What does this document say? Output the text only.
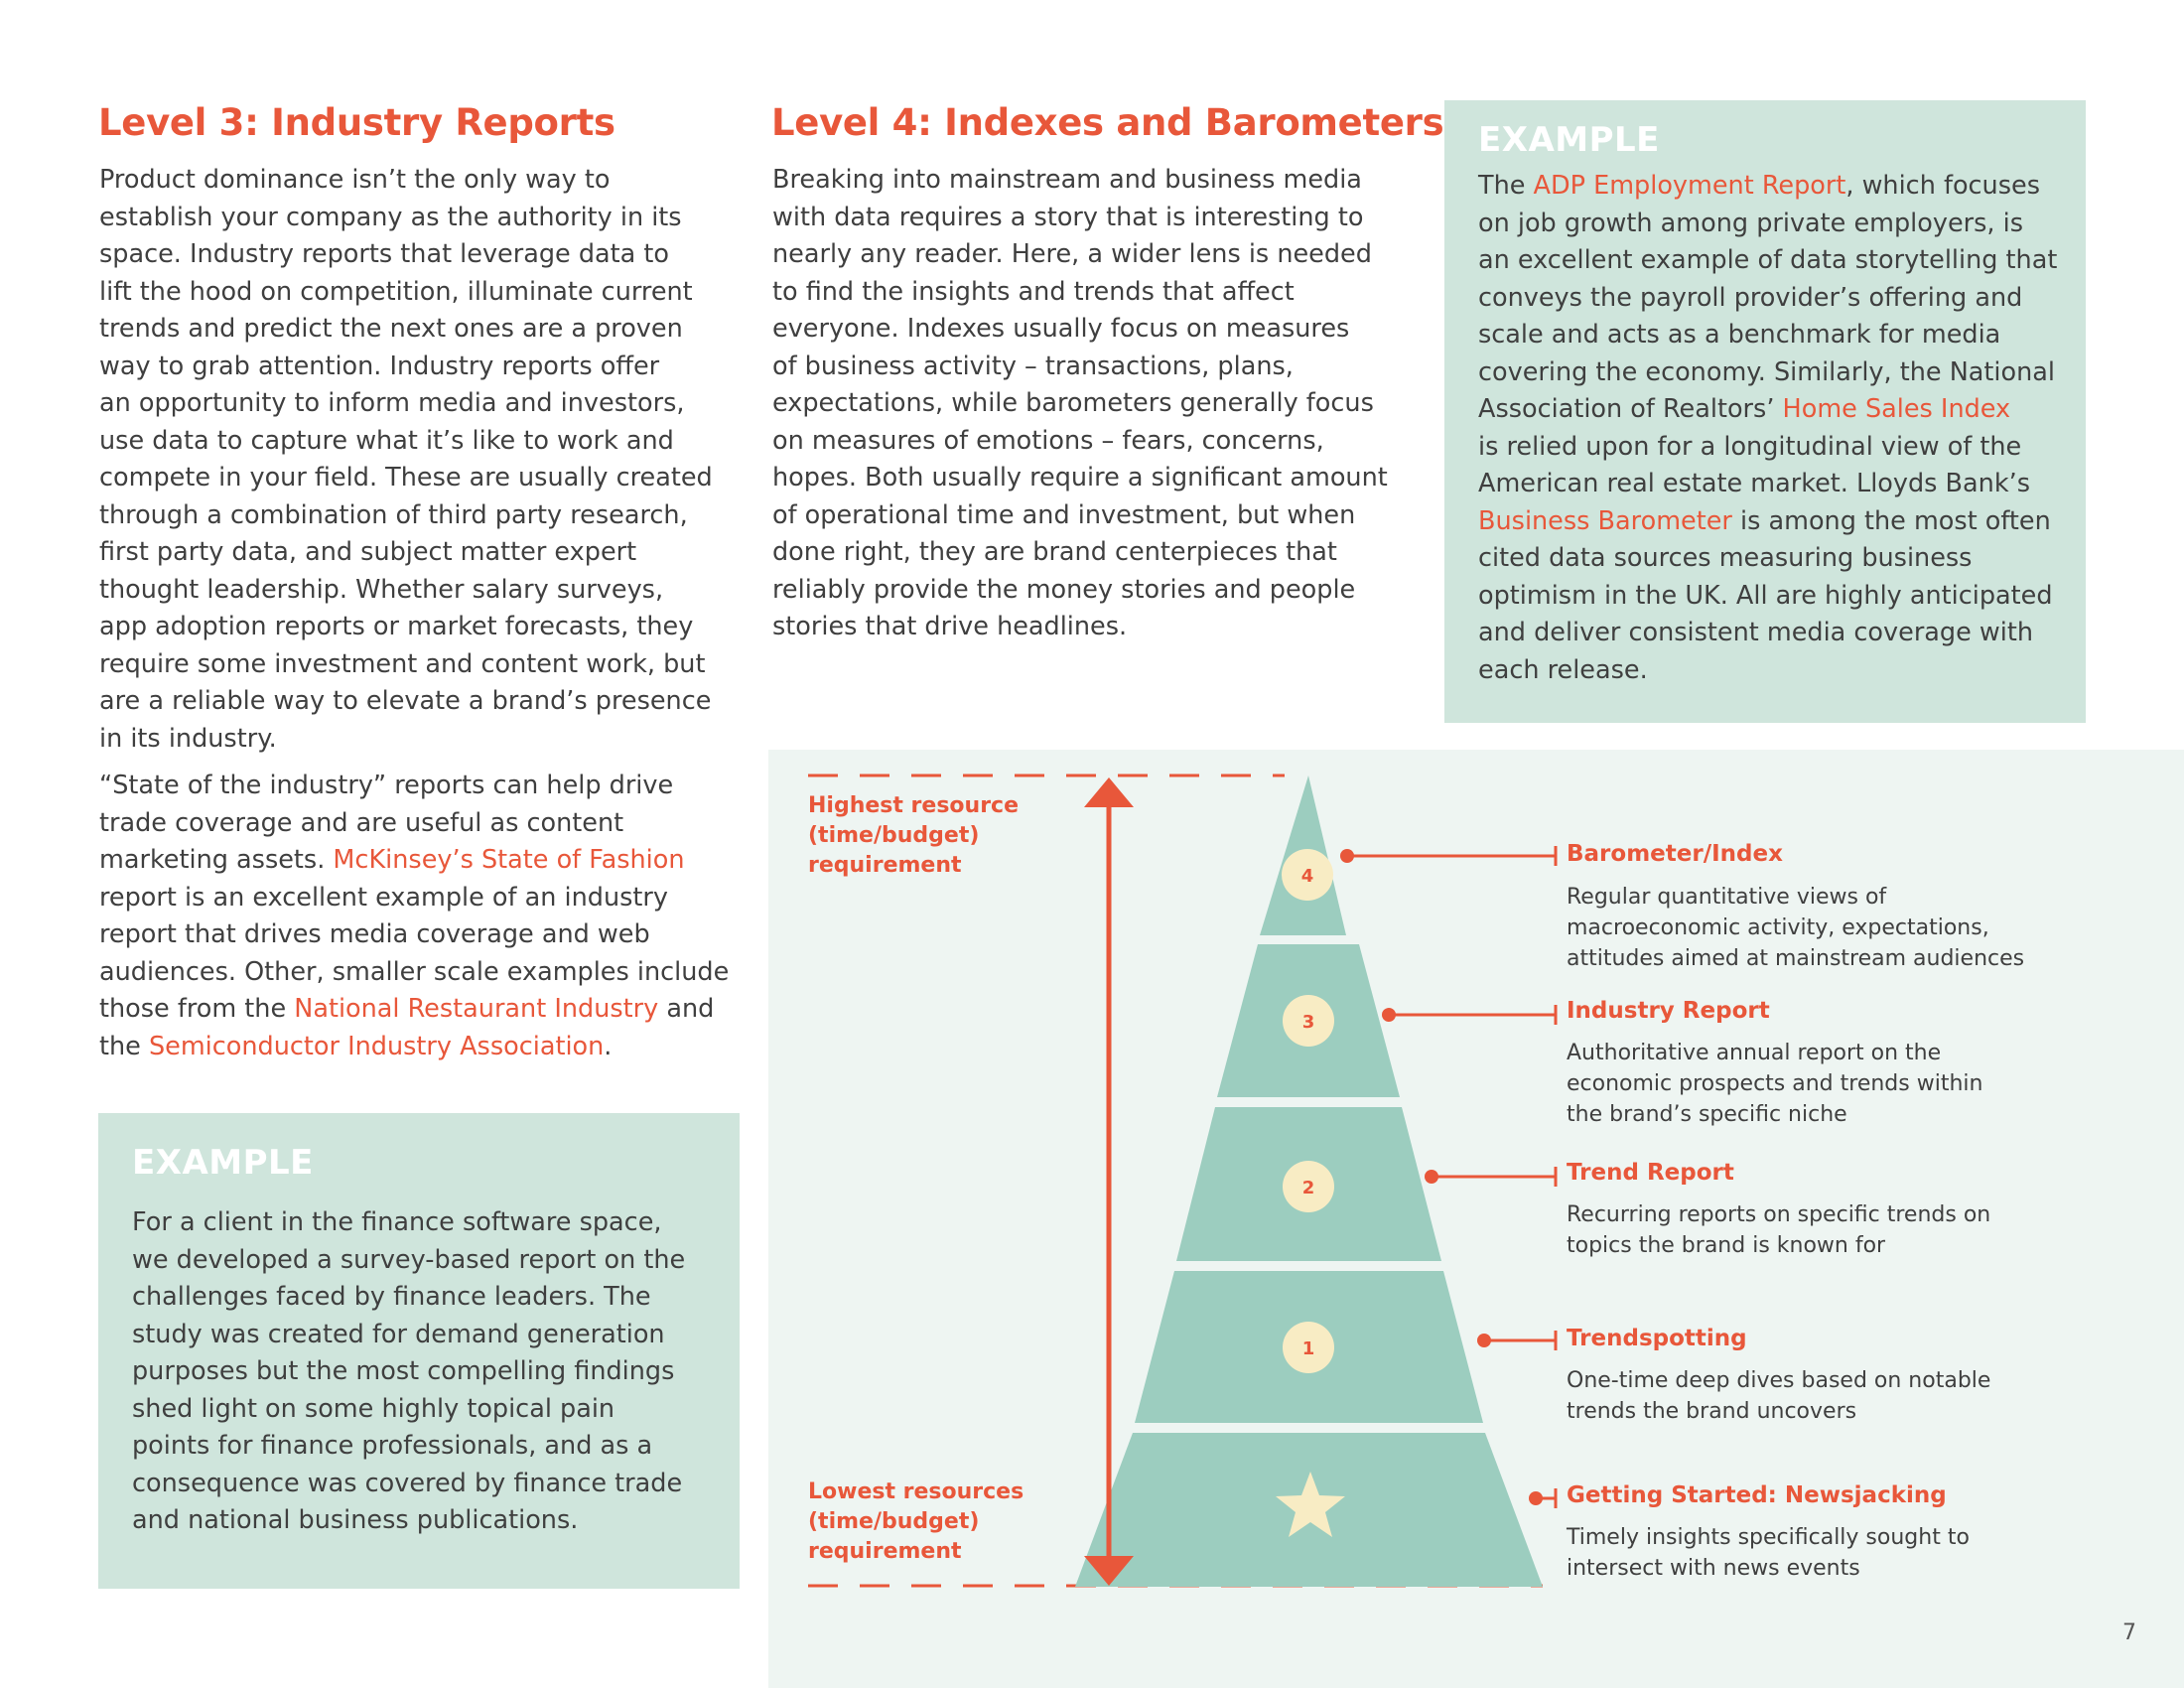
Level 3: Industry Reports

Product dominance isn’t the only way to

establish your company as the authority in its

space. Industry reports that leverage data to

lift the hood on competition, illuminate current

trends and predict the next ones are a proven

way to grab attention. Industry reports offer

an opportunity to inform media and investors,

use data to capture what it’s like to work and

compete in your field. These are usually created

through a combination of third party research,

first party data, and subject matter expert

thought leadership. Whether salary surveys,

app adoption reports or market forecasts, they

require some investment and content work, but

are a reliable way to elevate a brand’s presence

in its industry.

“State of the industry” reports can help drive

trade coverage and are useful as content

marketing assets. McKinsey’s State of Fashion

report is an excellent example of an industry

report that drives media coverage and web

audiences. Other, smaller scale examples include

those from the National Restaurant Industry and

the Semiconductor Industry Association.

EXAMPLE

For a client in the finance software space,

we developed a survey-based report on the

challenges faced by finance leaders. The

study was created for demand generation

purposes but the most compelling findings

shed light on some highly topical pain

points for finance professionals, and as a

consequence was covered by finance trade

and national business publications.

Level 4: Indexes and Barometers

Breaking into mainstream and business media

with data requires a story that is interesting to

nearly any reader. Here, a wider lens is needed

to find the insights and trends that affect

everyone. Indexes usually focus on measures

of business activity – transactions, plans,

expectations, while barometers generally focus

on measures of emotions – fears, concerns,

hopes. Both usually require a significant amount

of operational time and investment, but when

done right, they are brand centerpieces that

reliably provide the money stories and people

stories that drive headlines.

EXAMPLE

The ADP Employment Report, which focuses

on job growth among private employers, is

an excellent example of data storytelling that

conveys the payroll provider’s offering and

scale and acts as a benchmark for media

covering the economy. Similarly, the National

Association of Realtors’ Home Sales Index

is relied upon for a longitudinal view of the

American real estate market. Lloyds Bank’s

Business Barometer is among the most often

cited data sources measuring business

optimism in the UK. All are highly anticipated

and deliver consistent media coverage with

each release.

4
3
2
1
Highest resource
(time/budget)
requirement
Lowest resources
(time/budget)
requirement
Barometer/Index
Regular quantitative views of
macroeconomic activity, expectations,
attitudes aimed at mainstream audiences
Industry Report
Authoritative annual report on the
economic prospects and trends within
the brand’s specific niche
Trend Report
Recurring reports on specific trends on
topics the brand is known for
Trendspotting
One-time deep dives based on notable
trends the brand uncovers
Getting Started: Newsjacking
Timely insights specifically sought to
intersect with news events
7
